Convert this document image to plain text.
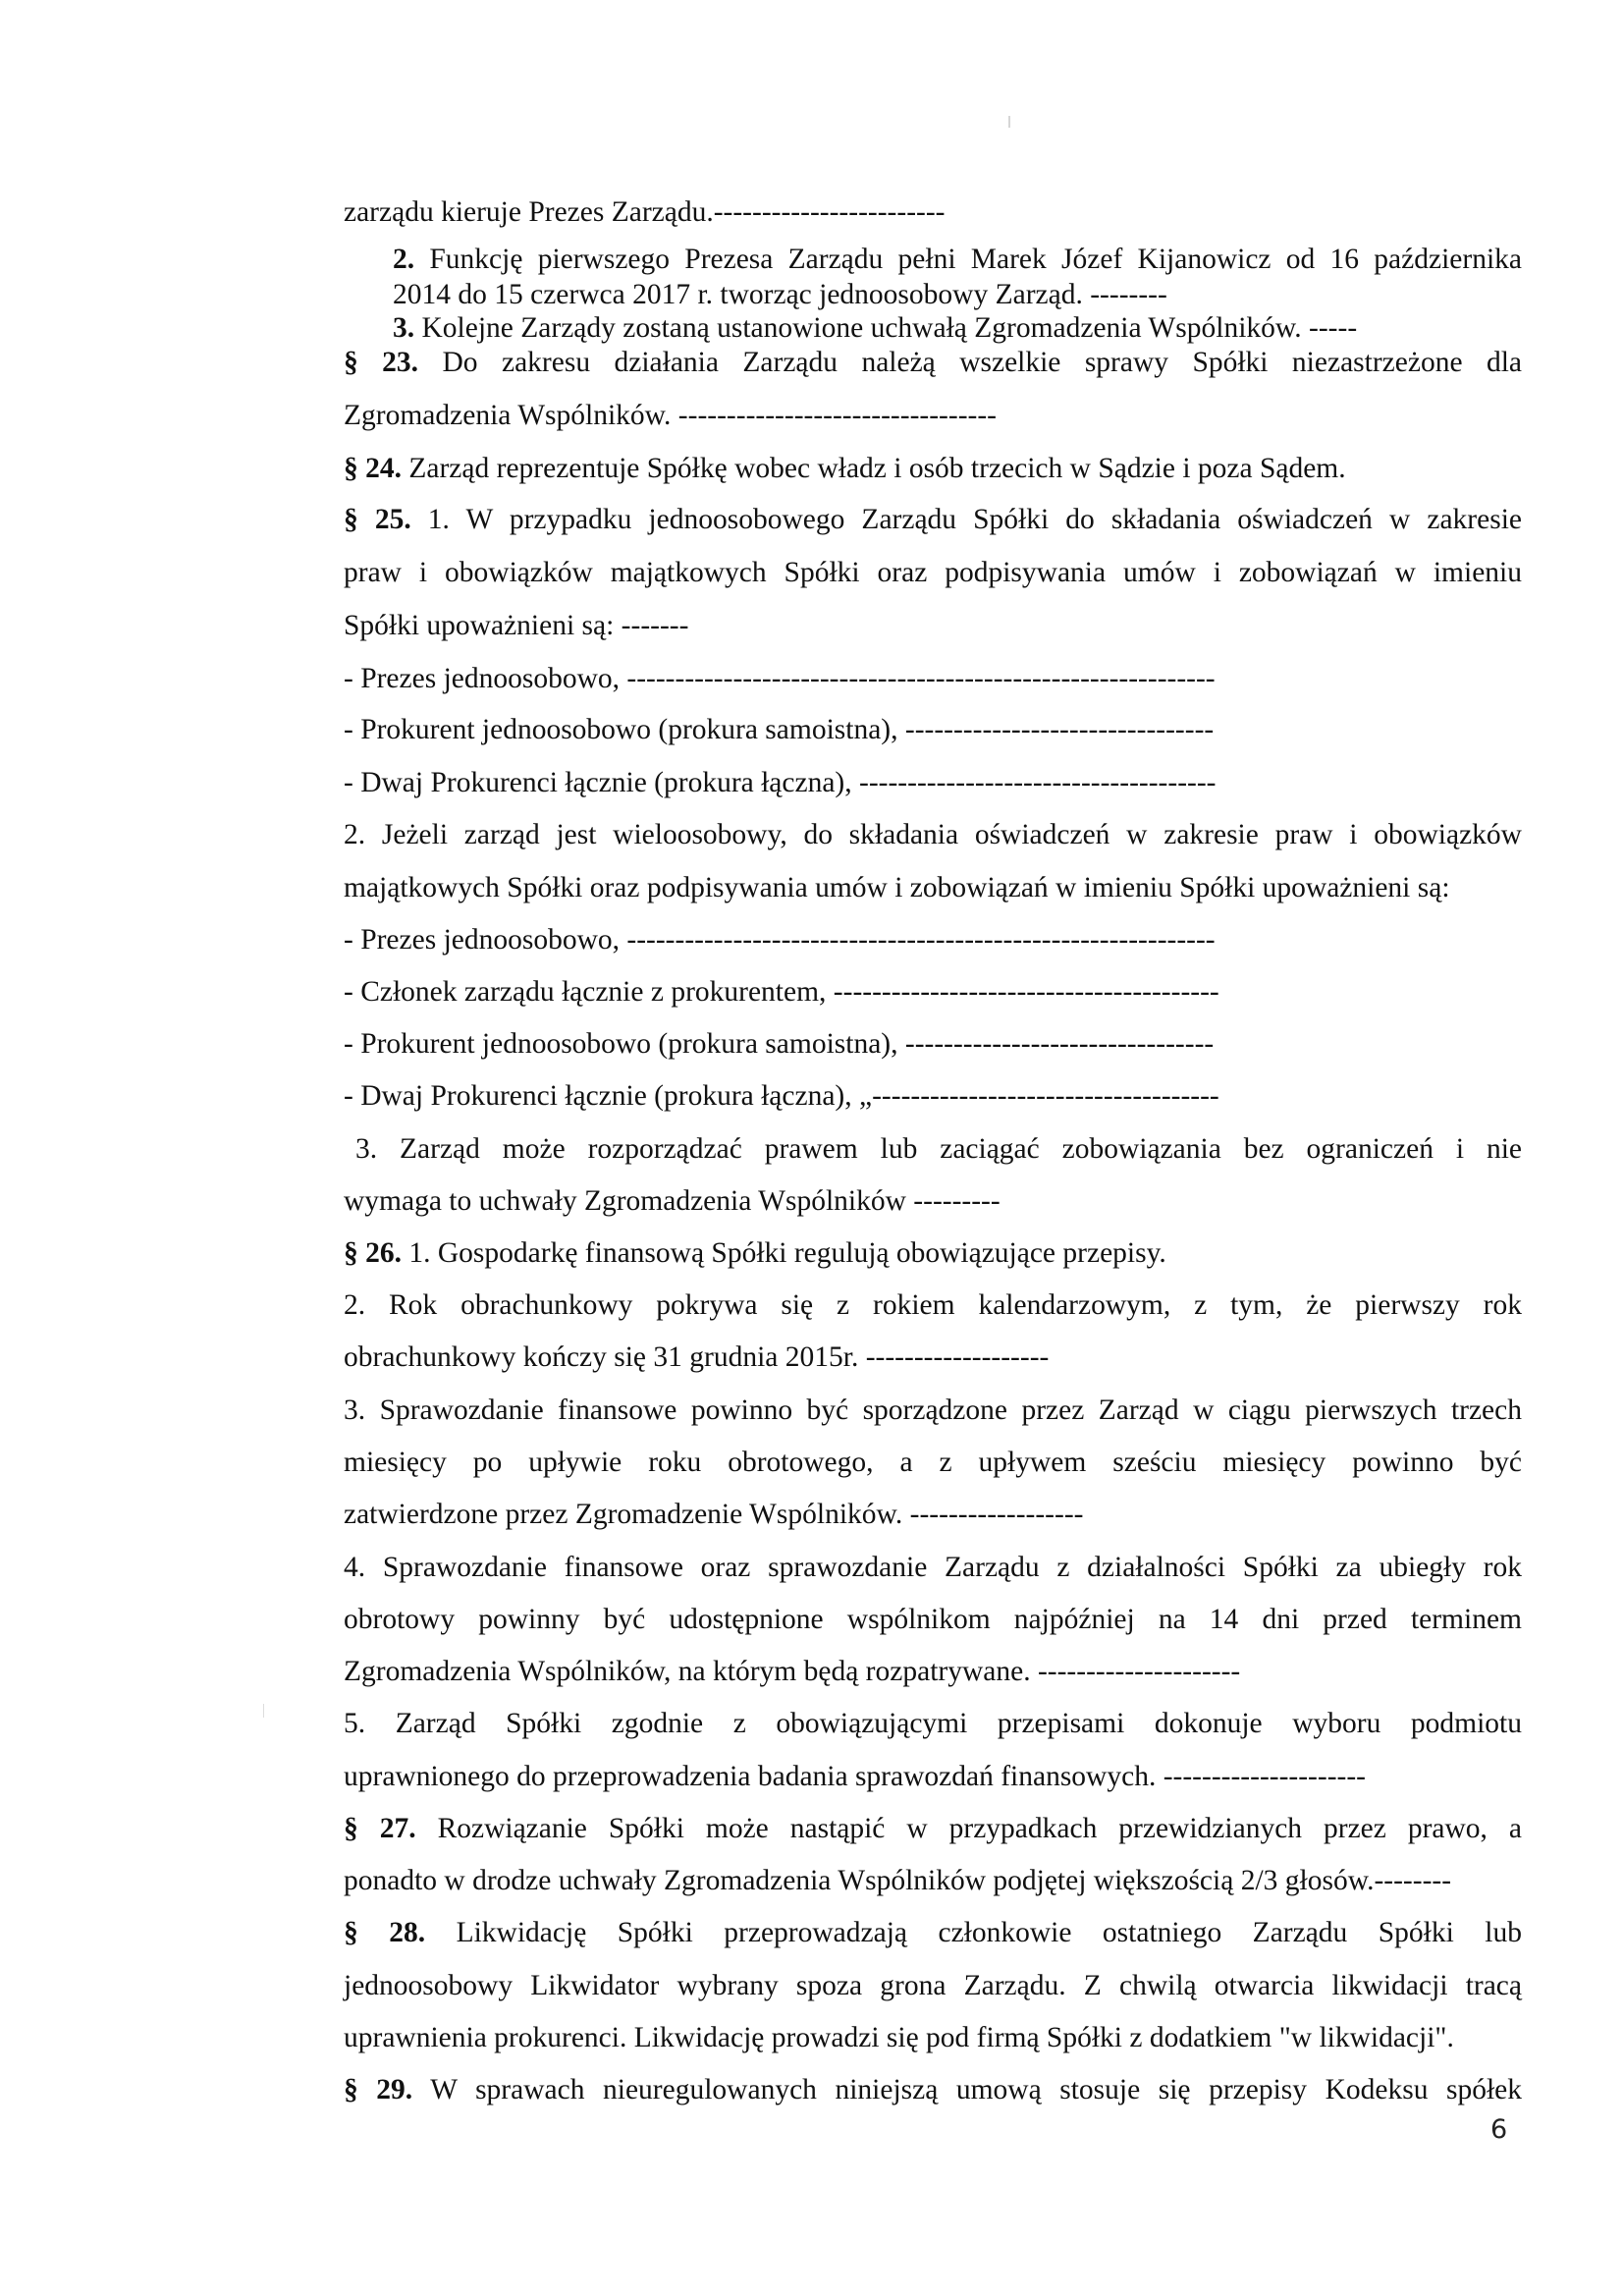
zarządu kieruje Prezes Zarządu.------------------------
2. Funkcję pierwszego Prezesa Zarządu pełni Marek Józef Kijanowicz od 16 października
2014 do 15 czerwca 2017 r. tworząc jednoosobowy Zarząd. --------
3. Kolejne Zarządy zostaną ustanowione uchwałą Zgromadzenia Wspólników. -----
§ 23. Do zakresu działania Zarządu należą wszelkie sprawy Spółki niezastrzeżone dla
Zgromadzenia Wspólników. ---------------------------------
§ 24. Zarząd reprezentuje Spółkę wobec władz i osób trzecich w Sądzie i poza Sądem.
§ 25. 1. W przypadku jednoosobowego Zarządu Spółki do składania oświadczeń w zakresie
praw i obowiązków majątkowych Spółki oraz podpisywania umów i zobowiązań w imieniu
Spółki upoważnieni są: -------
- Prezes jednoosobowo, -------------------------------------------------------------
- Prokurent jednoosobowo (prokura samoistna), --------------------------------
- Dwaj Prokurenci łącznie (prokura łączna), -------------------------------------
2. Jeżeli zarząd jest wieloosobowy, do składania oświadczeń w zakresie praw i obowiązków
majątkowych Spółki oraz podpisywania umów i zobowiązań w imieniu Spółki upoważnieni są:
- Prezes jednoosobowo, -------------------------------------------------------------
- Członek zarządu łącznie z prokurentem, ----------------------------------------
- Prokurent jednoosobowo (prokura samoistna), --------------------------------
- Dwaj Prokurenci łącznie (prokura łączna), „------------------------------------
3. Zarząd może rozporządzać prawem lub zaciągać zobowiązania bez ograniczeń i nie
wymaga to uchwały Zgromadzenia Wspólników ---------
§ 26. 1. Gospodarkę finansową Spółki regulują obowiązujące przepisy.
2. Rok obrachunkowy pokrywa się z rokiem kalendarzowym, z tym, że pierwszy rok
obrachunkowy kończy się 31 grudnia 2015r. -------------------
3. Sprawozdanie finansowe powinno być sporządzone przez Zarząd w ciągu pierwszych trzech
miesięcy po upływie roku obrotowego, a z upływem sześciu miesięcy powinno być
zatwierdzone przez Zgromadzenie Wspólników. ------------------
4. Sprawozdanie finansowe oraz sprawozdanie Zarządu z działalności Spółki za ubiegły rok
obrotowy powinny być udostępnione wspólnikom najpóźniej na 14 dni przed terminem
Zgromadzenia Wspólników, na którym będą rozpatrywane. ---------------------
5. Zarząd Spółki zgodnie z obowiązującymi przepisami dokonuje wyboru podmiotu
uprawnionego do przeprowadzenia badania sprawozdań finansowych. ---------------------
§ 27. Rozwiązanie Spółki może nastąpić w przypadkach przewidzianych przez prawo, a
ponadto w drodze uchwały Zgromadzenia Wspólników podjętej większością 2/3 głosów.--------
§ 28. Likwidację Spółki przeprowadzają członkowie ostatniego Zarządu Spółki lub
jednoosobowy Likwidator wybrany spoza grona Zarządu. Z chwilą otwarcia likwidacji tracą
uprawnienia prokurenci. Likwidację prowadzi się pod firmą Spółki z dodatkiem "w likwidacji".
§ 29. W sprawach nieuregulowanych niniejszą umową stosuje się przepisy Kodeksu spółek
6
